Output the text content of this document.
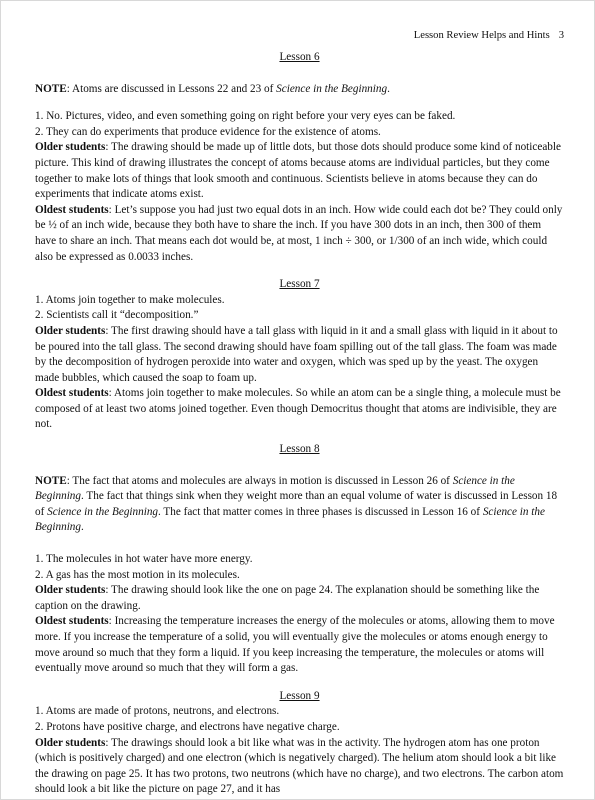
Lesson Review Helps and Hints 3

Lesson 6

NOTE: Atoms are discussed in Lessons 22 and 23 of Science in the Beginning.

1. No. Pictures, video, and even something going on right before your very eyes can be faked.

2. They can do experiments that produce evidence for the existence of atoms.

Older students: The drawing should be made up of little dots, but those dots should produce some kind of noticeable picture. This kind of drawing illustrates the concept of atoms because atoms are individual particles, but they come together to make lots of things that look smooth and continuous. Scientists believe in atoms because they can do experiments that indicate atoms exist.

Oldest students: Let’s suppose you had just two equal dots in an inch. How wide could each dot be? They could only be ½ of an inch wide, because they both have to share the inch. If you have 300 dots in an inch, then 300 of them have to share an inch. That means each dot would be, at most, 1 inch ÷ 300, or 1/300 of an inch wide, which could also be expressed as 0.0033 inches.

Lesson 7

1. Atoms join together to make molecules.

2. Scientists call it “decomposition.”

Older students: The first drawing should have a tall glass with liquid in it and a small glass with liquid in it about to be poured into the tall glass. The second drawing should have foam spilling out of the tall glass. The foam was made by the decomposition of hydrogen peroxide into water and oxygen, which was sped up by the yeast. The oxygen made bubbles, which caused the soap to foam up.

Oldest students: Atoms join together to make molecules. So while an atom can be a single thing, a molecule must be composed of at least two atoms joined together. Even though Democritus thought that atoms are indivisible, they are not.

Lesson 8

NOTE: The fact that atoms and molecules are always in motion is discussed in Lesson 26 of Science in the Beginning. The fact that things sink when they weight more than an equal volume of water is discussed in Lesson 18 of Science in the Beginning. The fact that matter comes in three phases is discussed in Lesson 16 of Science in the Beginning.

1. The molecules in hot water have more energy.

2. A gas has the most motion in its molecules.

Older students: The drawing should look like the one on page 24. The explanation should be something like the caption on the drawing.

Oldest students: Increasing the temperature increases the energy of the molecules or atoms, allowing them to move more. If you increase the temperature of a solid, you will eventually give the molecules or atoms enough energy to move around so much that they form a liquid. If you keep increasing the temperature, the molecules or atoms will eventually move around so much that they will form a gas.

Lesson 9

1. Atoms are made of protons, neutrons, and electrons.

2. Protons have positive charge, and electrons have negative charge.

Older students: The drawings should look a bit like what was in the activity. The hydrogen atom has one proton (which is positively charged) and one electron (which is negatively charged). The helium atom should look a bit like the drawing on page 25. It has two protons, two neutrons (which have no charge), and two electrons. The carbon atom should look a bit like the picture on page 27, and it has
